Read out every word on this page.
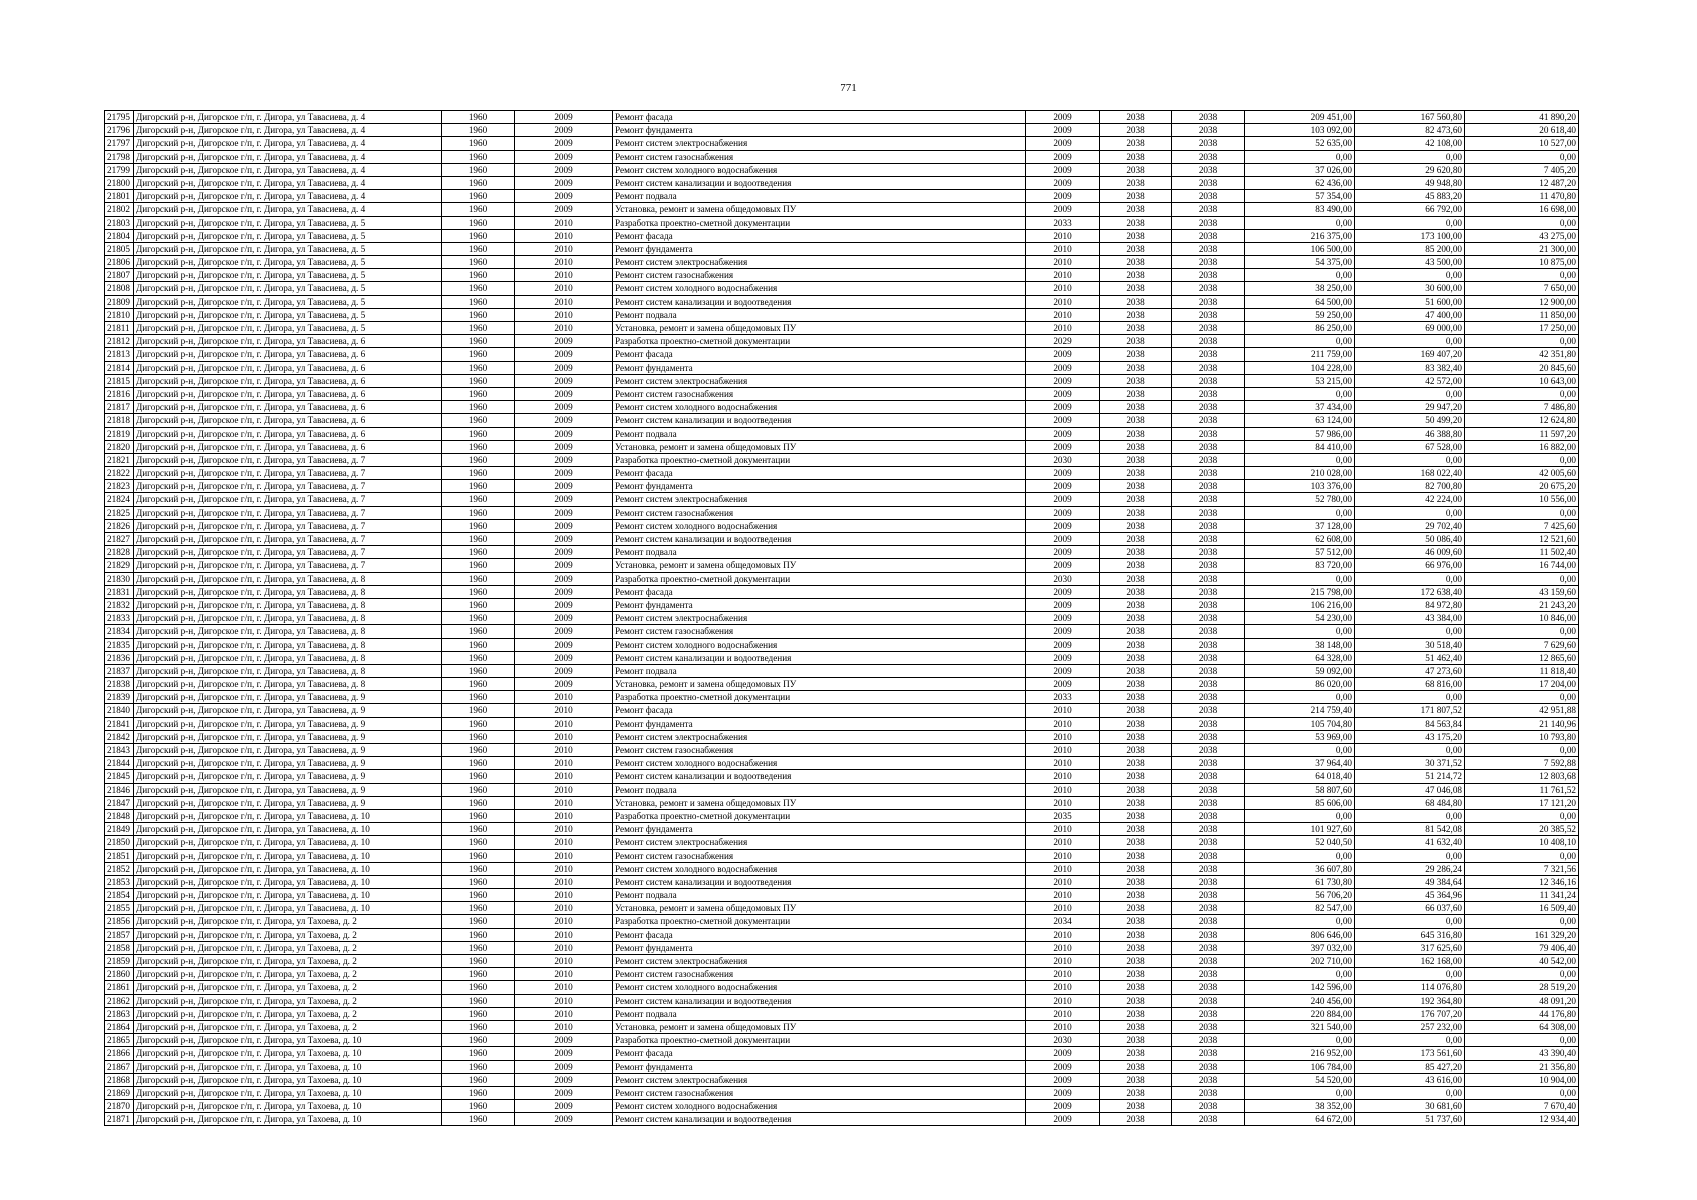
771
21795	Дигорский р-н, Дигорское г/п, г. Дигора, ул Тавасиева, д. 4	1960	2009	Ремонт фасада	2009	2038	2038	209 451,00	167 560,80	41 890,20
21796	Дигорский р-н, Дигорское г/п, г. Дигора, ул Тавасиева, д. 4	1960	2009	Ремонт фундамента	2009	2038	2038	103 092,00	82 473,60	20 618,40
21797	Дигорский р-н, Дигорское г/п, г. Дигора, ул Тавасиева, д. 4	1960	2009	Ремонт систем электроснабжения	2009	2038	2038	52 635,00	42 108,00	10 527,00
21798	Дигорский р-н, Дигорское г/п, г. Дигора, ул Тавасиева, д. 4	1960	2009	Ремонт систем газоснабжения	2009	2038	2038	0,00	0,00	0,00
21799	Дигорский р-н, Дигорское г/п, г. Дигора, ул Тавасиева, д. 4	1960	2009	Ремонт систем холодного водоснабжения	2009	2038	2038	37 026,00	29 620,80	7 405,20
21800	Дигорский р-н, Дигорское г/п, г. Дигора, ул Тавасиева, д. 4	1960	2009	Ремонт систем канализации и водоотведения	2009	2038	2038	62 436,00	49 948,80	12 487,20
21801	Дигорский р-н, Дигорское г/п, г. Дигора, ул Тавасиева, д. 4	1960	2009	Ремонт подвала	2009	2038	2038	57 354,00	45 883,20	11 470,80
21802	Дигорский р-н, Дигорское г/п, г. Дигора, ул Тавасиева, д. 4	1960	2009	Установка, ремонт и замена общедомовых ПУ	2009	2038	2038	83 490,00	66 792,00	16 698,00
21803	Дигорский р-н, Дигорское г/п, г. Дигора, ул Тавасиева, д. 5	1960	2010	Разработка проектно-сметной документации	2033	2038	2038	0,00	0,00	0,00
21804	Дигорский р-н, Дигорское г/п, г. Дигора, ул Тавасиева, д. 5	1960	2010	Ремонт фасада	2010	2038	2038	216 375,00	173 100,00	43 275,00
21805	Дигорский р-н, Дигорское г/п, г. Дигора, ул Тавасиева, д. 5	1960	2010	Ремонт фундамента	2010	2038	2038	106 500,00	85 200,00	21 300,00
21806	Дигорский р-н, Дигорское г/п, г. Дигора, ул Тавасиева, д. 5	1960	2010	Ремонт систем электроснабжения	2010	2038	2038	54 375,00	43 500,00	10 875,00
21807	Дигорский р-н, Дигорское г/п, г. Дигора, ул Тавасиева, д. 5	1960	2010	Ремонт систем газоснабжения	2010	2038	2038	0,00	0,00	0,00
21808	Дигорский р-н, Дигорское г/п, г. Дигора, ул Тавасиева, д. 5	1960	2010	Ремонт систем холодного водоснабжения	2010	2038	2038	38 250,00	30 600,00	7 650,00
21809	Дигорский р-н, Дигорское г/п, г. Дигора, ул Тавасиева, д. 5	1960	2010	Ремонт систем канализации и водоотведения	2010	2038	2038	64 500,00	51 600,00	12 900,00
21810	Дигорский р-н, Дигорское г/п, г. Дигора, ул Тавасиева, д. 5	1960	2010	Ремонт подвала	2010	2038	2038	59 250,00	47 400,00	11 850,00
21811	Дигорский р-н, Дигорское г/п, г. Дигора, ул Тавасиева, д. 5	1960	2010	Установка, ремонт и замена общедомовых ПУ	2010	2038	2038	86 250,00	69 000,00	17 250,00
21812	Дигорский р-н, Дигорское г/п, г. Дигора, ул Тавасиева, д. 6	1960	2009	Разработка проектно-сметной документации	2029	2038	2038	0,00	0,00	0,00
21813	Дигорский р-н, Дигорское г/п, г. Дигора, ул Тавасиева, д. 6	1960	2009	Ремонт фасада	2009	2038	2038	211 759,00	169 407,20	42 351,80
21814	Дигорский р-н, Дигорское г/п, г. Дигора, ул Тавасиева, д. 6	1960	2009	Ремонт фундамента	2009	2038	2038	104 228,00	83 382,40	20 845,60
21815	Дигорский р-н, Дигорское г/п, г. Дигора, ул Тавасиева, д. 6	1960	2009	Ремонт систем электроснабжения	2009	2038	2038	53 215,00	42 572,00	10 643,00
21816	Дигорский р-н, Дигорское г/п, г. Дигора, ул Тавасиева, д. 6	1960	2009	Ремонт систем газоснабжения	2009	2038	2038	0,00	0,00	0,00
21817	Дигорский р-н, Дигорское г/п, г. Дигора, ул Тавасиева, д. 6	1960	2009	Ремонт систем холодного водоснабжения	2009	2038	2038	37 434,00	29 947,20	7 486,80
21818	Дигорский р-н, Дигорское г/п, г. Дигора, ул Тавасиева, д. 6	1960	2009	Ремонт систем канализации и водоотведения	2009	2038	2038	63 124,00	50 499,20	12 624,80
21819	Дигорский р-н, Дигорское г/п, г. Дигора, ул Тавасиева, д. 6	1960	2009	Ремонт подвала	2009	2038	2038	57 986,00	46 388,80	11 597,20
21820	Дигорский р-н, Дигорское г/п, г. Дигора, ул Тавасиева, д. 6	1960	2009	Установка, ремонт и замена общедомовых ПУ	2009	2038	2038	84 410,00	67 528,00	16 882,00
21821	Дигорский р-н, Дигорское г/п, г. Дигора, ул Тавасиева, д. 7	1960	2009	Разработка проектно-сметной документации	2030	2038	2038	0,00	0,00	0,00
21822	Дигорский р-н, Дигорское г/п, г. Дигора, ул Тавасиева, д. 7	1960	2009	Ремонт фасада	2009	2038	2038	210 028,00	168 022,40	42 005,60
21823	Дигорский р-н, Дигорское г/п, г. Дигора, ул Тавасиева, д. 7	1960	2009	Ремонт фундамента	2009	2038	2038	103 376,00	82 700,80	20 675,20
21824	Дигорский р-н, Дигорское г/п, г. Дигора, ул Тавасиева, д. 7	1960	2009	Ремонт систем электроснабжения	2009	2038	2038	52 780,00	42 224,00	10 556,00
21825	Дигорский р-н, Дигорское г/п, г. Дигора, ул Тавасиева, д. 7	1960	2009	Ремонт систем газоснабжения	2009	2038	2038	0,00	0,00	0,00
21826	Дигорский р-н, Дигорское г/п, г. Дигора, ул Тавасиева, д. 7	1960	2009	Ремонт систем холодного водоснабжения	2009	2038	2038	37 128,00	29 702,40	7 425,60
21827	Дигорский р-н, Дигорское г/п, г. Дигора, ул Тавасиева, д. 7	1960	2009	Ремонт систем канализации и водоотведения	2009	2038	2038	62 608,00	50 086,40	12 521,60
21828	Дигорский р-н, Дигорское г/п, г. Дигора, ул Тавасиева, д. 7	1960	2009	Ремонт подвала	2009	2038	2038	57 512,00	46 009,60	11 502,40
21829	Дигорский р-н, Дигорское г/п, г. Дигора, ул Тавасиева, д. 7	1960	2009	Установка, ремонт и замена общедомовых ПУ	2009	2038	2038	83 720,00	66 976,00	16 744,00
21830	Дигорский р-н, Дигорское г/п, г. Дигора, ул Тавасиева, д. 8	1960	2009	Разработка проектно-сметной документации	2030	2038	2038	0,00	0,00	0,00
21831	Дигорский р-н, Дигорское г/п, г. Дигора, ул Тавасиева, д. 8	1960	2009	Ремонт фасада	2009	2038	2038	215 798,00	172 638,40	43 159,60
21832	Дигорский р-н, Дигорское г/п, г. Дигора, ул Тавасиева, д. 8	1960	2009	Ремонт фундамента	2009	2038	2038	106 216,00	84 972,80	21 243,20
21833	Дигорский р-н, Дигорское г/п, г. Дигора, ул Тавасиева, д. 8	1960	2009	Ремонт систем электроснабжения	2009	2038	2038	54 230,00	43 384,00	10 846,00
21834	Дигорский р-н, Дигорское г/п, г. Дигора, ул Тавасиева, д. 8	1960	2009	Ремонт систем газоснабжения	2009	2038	2038	0,00	0,00	0,00
21835	Дигорский р-н, Дигорское г/п, г. Дигора, ул Тавасиева, д. 8	1960	2009	Ремонт систем холодного водоснабжения	2009	2038	2038	38 148,00	30 518,40	7 629,60
21836	Дигорский р-н, Дигорское г/п, г. Дигора, ул Тавасиева, д. 8	1960	2009	Ремонт систем канализации и водоотведения	2009	2038	2038	64 328,00	51 462,40	12 865,60
21837	Дигорский р-н, Дигорское г/п, г. Дигора, ул Тавасиева, д. 8	1960	2009	Ремонт подвала	2009	2038	2038	59 092,00	47 273,60	11 818,40
21838	Дигорский р-н, Дигорское г/п, г. Дигора, ул Тавасиева, д. 8	1960	2009	Установка, ремонт и замена общедомовых ПУ	2009	2038	2038	86 020,00	68 816,00	17 204,00
21839	Дигорский р-н, Дигорское г/п, г. Дигора, ул Тавасиева, д. 9	1960	2010	Разработка проектно-сметной документации	2033	2038	2038	0,00	0,00	0,00
21840	Дигорский р-н, Дигорское г/п, г. Дигора, ул Тавасиева, д. 9	1960	2010	Ремонт фасада	2010	2038	2038	214 759,40	171 807,52	42 951,88
21841	Дигорский р-н, Дигорское г/п, г. Дигора, ул Тавасиева, д. 9	1960	2010	Ремонт фундамента	2010	2038	2038	105 704,80	84 563,84	21 140,96
21842	Дигорский р-н, Дигорское г/п, г. Дигора, ул Тавасиева, д. 9	1960	2010	Ремонт систем электроснабжения	2010	2038	2038	53 969,00	43 175,20	10 793,80
21843	Дигорский р-н, Дигорское г/п, г. Дигора, ул Тавасиева, д. 9	1960	2010	Ремонт систем газоснабжения	2010	2038	2038	0,00	0,00	0,00
21844	Дигорский р-н, Дигорское г/п, г. Дигора, ул Тавасиева, д. 9	1960	2010	Ремонт систем холодного водоснабжения	2010	2038	2038	37 964,40	30 371,52	7 592,88
21845	Дигорский р-н, Дигорское г/п, г. Дигора, ул Тавасиева, д. 9	1960	2010	Ремонт систем канализации и водоотведения	2010	2038	2038	64 018,40	51 214,72	12 803,68
21846	Дигорский р-н, Дигорское г/п, г. Дигора, ул Тавасиева, д. 9	1960	2010	Ремонт подвала	2010	2038	2038	58 807,60	47 046,08	11 761,52
21847	Дигорский р-н, Дигорское г/п, г. Дигора, ул Тавасиева, д. 9	1960	2010	Установка, ремонт и замена общедомовых ПУ	2010	2038	2038	85 606,00	68 484,80	17 121,20
21848	Дигорский р-н, Дигорское г/п, г. Дигора, ул Тавасиева, д. 10	1960	2010	Разработка проектно-сметной документации	2035	2038	2038	0,00	0,00	0,00
21849	Дигорский р-н, Дигорское г/п, г. Дигора, ул Тавасиева, д. 10	1960	2010	Ремонт фундамента	2010	2038	2038	101 927,60	81 542,08	20 385,52
21850	Дигорский р-н, Дигорское г/п, г. Дигора, ул Тавасиева, д. 10	1960	2010	Ремонт систем электроснабжения	2010	2038	2038	52 040,50	41 632,40	10 408,10
21851	Дигорский р-н, Дигорское г/п, г. Дигора, ул Тавасиева, д. 10	1960	2010	Ремонт систем газоснабжения	2010	2038	2038	0,00	0,00	0,00
21852	Дигорский р-н, Дигорское г/п, г. Дигора, ул Тавасиева, д. 10	1960	2010	Ремонт систем холодного водоснабжения	2010	2038	2038	36 607,80	29 286,24	7 321,56
21853	Дигорский р-н, Дигорское г/п, г. Дигора, ул Тавасиева, д. 10	1960	2010	Ремонт систем канализации и водоотведения	2010	2038	2038	61 730,80	49 384,64	12 346,16
21854	Дигорский р-н, Дигорское г/п, г. Дигора, ул Тавасиева, д. 10	1960	2010	Ремонт подвала	2010	2038	2038	56 706,20	45 364,96	11 341,24
21855	Дигорский р-н, Дигорское г/п, г. Дигора, ул Тавасиева, д. 10	1960	2010	Установка, ремонт и замена общедомовых ПУ	2010	2038	2038	82 547,00	66 037,60	16 509,40
21856	Дигорский р-н, Дигорское г/п, г. Дигора, ул Тахоева, д. 2	1960	2010	Разработка проектно-сметной документации	2034	2038	2038	0,00	0,00	0,00
21857	Дигорский р-н, Дигорское г/п, г. Дигора, ул Тахоева, д. 2	1960	2010	Ремонт фасада	2010	2038	2038	806 646,00	645 316,80	161 329,20
21858	Дигорский р-н, Дигорское г/п, г. Дигора, ул Тахоева, д. 2	1960	2010	Ремонт фундамента	2010	2038	2038	397 032,00	317 625,60	79 406,40
21859	Дигорский р-н, Дигорское г/п, г. Дигора, ул Тахоева, д. 2	1960	2010	Ремонт систем электроснабжения	2010	2038	2038	202 710,00	162 168,00	40 542,00
21860	Дигорский р-н, Дигорское г/п, г. Дигора, ул Тахоева, д. 2	1960	2010	Ремонт систем газоснабжения	2010	2038	2038	0,00	0,00	0,00
21861	Дигорский р-н, Дигорское г/п, г. Дигора, ул Тахоева, д. 2	1960	2010	Ремонт систем холодного водоснабжения	2010	2038	2038	142 596,00	114 076,80	28 519,20
21862	Дигорский р-н, Дигорское г/п, г. Дигора, ул Тахоева, д. 2	1960	2010	Ремонт систем канализации и водоотведения	2010	2038	2038	240 456,00	192 364,80	48 091,20
21863	Дигорский р-н, Дигорское г/п, г. Дигора, ул Тахоева, д. 2	1960	2010	Ремонт подвала	2010	2038	2038	220 884,00	176 707,20	44 176,80
21864	Дигорский р-н, Дигорское г/п, г. Дигора, ул Тахоева, д. 2	1960	2010	Установка, ремонт и замена общедомовых ПУ	2010	2038	2038	321 540,00	257 232,00	64 308,00
21865	Дигорский р-н, Дигорское г/п, г. Дигора, ул Тахоева, д. 10	1960	2009	Разработка проектно-сметной документации	2030	2038	2038	0,00	0,00	0,00
21866	Дигорский р-н, Дигорское г/п, г. Дигора, ул Тахоева, д. 10	1960	2009	Ремонт фасада	2009	2038	2038	216 952,00	173 561,60	43 390,40
21867	Дигорский р-н, Дигорское г/п, г. Дигора, ул Тахоева, д. 10	1960	2009	Ремонт фундамента	2009	2038	2038	106 784,00	85 427,20	21 356,80
21868	Дигорский р-н, Дигорское г/п, г. Дигора, ул Тахоева, д. 10	1960	2009	Ремонт систем электроснабжения	2009	2038	2038	54 520,00	43 616,00	10 904,00
21869	Дигорский р-н, Дигорское г/п, г. Дигора, ул Тахоева, д. 10	1960	2009	Ремонт систем газоснабжения	2009	2038	2038	0,00	0,00	0,00
21870	Дигорский р-н, Дигорское г/п, г. Дигора, ул Тахоева, д. 10	1960	2009	Ремонт систем холодного водоснабжения	2009	2038	2038	38 352,00	30 681,60	7 670,40
21871	Дигорский р-н, Дигорское г/п, г. Дигора, ул Тахоева, д. 10	1960	2009	Ремонт систем канализации и водоотведения	2009	2038	2038	64 672,00	51 737,60	12 934,40
